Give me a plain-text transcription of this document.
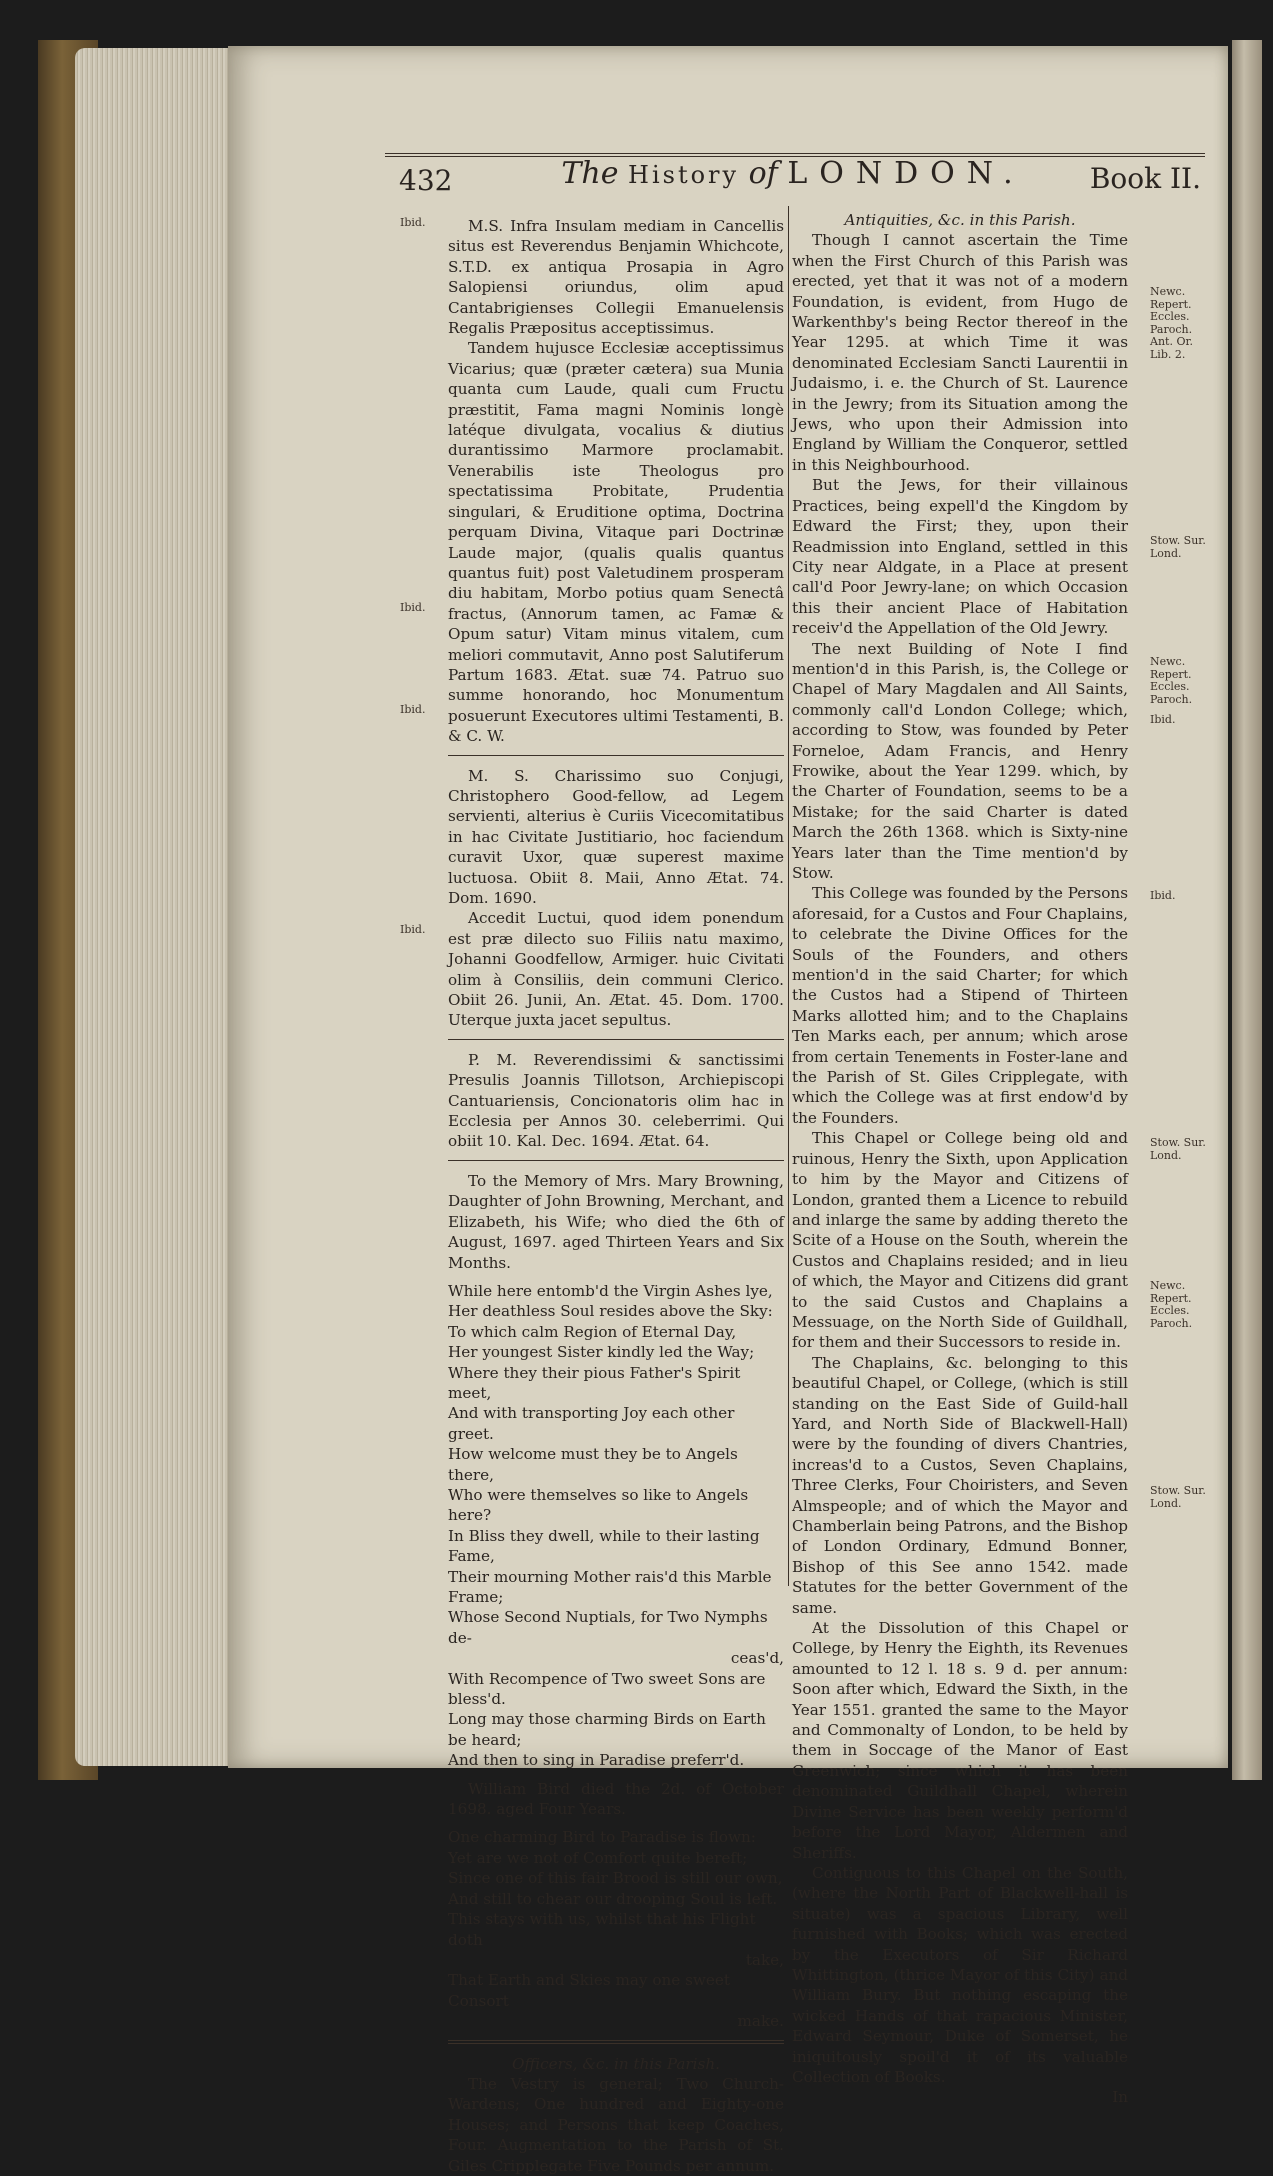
432	The History of LONDON.	Book II.
Ibid.
Ibid.
Ibid.
Ibid.

M.S. Infra Insulam mediam in Cancellis situs est Reverendus Benjamin Whichcote, S.T.D. ex antiqua Prosapia in Agro Salopiensi oriundus, olim apud Cantabrigienses Collegii Emanuelensis Regalis Præpositus acceptissimus.

Tandem hujusce Ecclesiæ acceptissimus Vicarius; quæ (præter cætera) sua Munia quanta cum Laude, quali cum Fructu præstitit, Fama magni Nominis longè latéque divulgata, vocalius & diutius durantissimo Marmore proclamabit. Venerabilis iste Theologus pro spectatissima Probitate, Prudentia singulari, & Eruditione optima, Doctrina perquam Divina, Vitaque pari Doctrinæ Laude major, (qualis qualis quantus quantus fuit) post Valetudinem prosperam diu habitam, Morbo potius quam Senectâ fractus, (Annorum tamen, ac Famæ & Opum satur) Vitam minus vitalem, cum meliori commutavit, Anno post Salutiferum Partum 1683. Ætat. suæ 74. Patruo suo summe honorando, hoc Monumentum posuerunt Executores ultimi Testamenti, B. & C. W.

M. S. Charissimo suo Conjugi, Christophero Good-fellow, ad Legem servienti, alterius è Curiis Vicecomitatibus in hac Civitate Justitiario, hoc faciendum curavit Uxor, quæ superest maxime luctuosa. Obiit 8. Maii, Anno Ætat. 74. Dom. 1690.

Accedit Luctui, quod idem ponendum est præ dilecto suo Filiis natu maximo, Johanni Goodfellow, Armiger. huic Civitati olim à Consiliis, dein communi Clerico. Obiit 26. Junii, An. Ætat. 45. Dom. 1700. Uterque juxta jacet sepultus.

P. M. Reverendissimi & sanctissimi Presulis Joannis Tillotson, Archiepiscopi Cantuariensis, Concionatoris olim hac in Ecclesia per Annos 30. celeberrimi. Qui obiit 10. Kal. Dec. 1694. Ætat. 64.

To the Memory of Mrs. Mary Browning, Daughter of John Browning, Merchant, and Elizabeth, his Wife; who died the 6th of August, 1697. aged Thirteen Years and Six Months.

While here entomb'd the Virgin Ashes lye,

Her deathless Soul resides above the Sky:

To which calm Region of Eternal Day,

Her youngest Sister kindly led the Way;

Where they their pious Father's Spirit meet,

And with transporting Joy each other greet.

How welcome must they be to Angels there,

Who were themselves so like to Angels here?

In Bliss they dwell, while to their lasting Fame,

Their mourning Mother rais'd this Marble Frame;

Whose Second Nuptials, for Two Nymphs de-

ceas'd,

With Recompence of Two sweet Sons are bless'd.

Long may those charming Birds on Earth be heard;

And then to sing in Paradise preferr'd.

William Bird died the 2d. of October 1698. aged Four Years.

One charming Bird to Paradise is flown:

Yet are we not of Comfort quite bereft;

Since one of this fair Brood is still our own,

And still to chear our drooping Soul is left.

This stays with us, whilst that his Flight doth

take,

That Earth and Skies may one sweet Consort

make.

Officers, &c. in this Parish.

The Vestry is general; Two Church-Wardens; One hundred and Eighty-one Houses; and Persons that keep Coaches, Four. Augmentation to the Parish of St. Giles Cripplegate Five Pounds per annum.

Antiquities, &c. in this Parish.

Though I cannot ascertain the Time when the First Church of this Parish was erected, yet that it was not of a modern Foundation, is evident, from Hugo de Warkenthby's being Rector thereof in the Year 1295. at which Time it was denominated Ecclesiam Sancti Laurentii in Judaismo, i. e. the Church of St. Laurence in the Jewry; from its Situation among the Jews, who upon their Admission into England by William the Conqueror, settled in this Neighbourhood.

But the Jews, for their villainous Practices, being expell'd the Kingdom by Edward the First; they, upon their Readmission into England, settled in this City near Aldgate, in a Place at present call'd Poor Jewry-lane; on which Occasion this their ancient Place of Habitation receiv'd the Appellation of the Old Jewry.

The next Building of Note I find mention'd in this Parish, is, the College or Chapel of Mary Magdalen and All Saints, commonly call'd London College; which, according to Stow, was founded by Peter Forneloe, Adam Francis, and Henry Frowike, about the Year 1299. which, by the Charter of Foundation, seems to be a Mistake; for the said Charter is dated March the 26th 1368. which is Sixty-nine Years later than the Time mention'd by Stow.

This College was founded by the Persons aforesaid, for a Custos and Four Chaplains, to celebrate the Divine Offices for the Souls of the Founders, and others mention'd in the said Charter; for which the Custos had a Stipend of Thirteen Marks allotted him; and to the Chaplains Ten Marks each, per annum; which arose from certain Tenements in Foster-lane and the Parish of St. Giles Cripplegate, with which the College was at first endow'd by the Founders.

This Chapel or College being old and ruinous, Henry the Sixth, upon Application to him by the Mayor and Citizens of London, granted them a Licence to rebuild and inlarge the same by adding thereto the Scite of a House on the South, wherein the Custos and Chaplains resided; and in lieu of which, the Mayor and Citizens did grant to the said Custos and Chaplains a Messuage, on the North Side of Guildhall, for them and their Successors to reside in.

The Chaplains, &c. belonging to this beautiful Chapel, or College, (which is still standing on the East Side of Guild-hall Yard, and North Side of Blackwell-Hall) were by the founding of divers Chantries, increas'd to a Custos, Seven Chaplains, Three Clerks, Four Choiristers, and Seven Almspeople; and of which the Mayor and Chamberlain being Patrons, and the Bishop of London Ordinary, Edmund Bonner, Bishop of this See anno 1542. made Statutes for the better Government of the same.

At the Dissolution of this Chapel or College, by Henry the Eighth, its Revenues amounted to 12 l. 18 s. 9 d. per annum: Soon after which, Edward the Sixth, in the Year 1551. granted the same to the Mayor and Commonalty of London, to be held by them in Soccage of the Manor of East Greenwich; since which it has been denominated Guildhall Chapel, wherein Divine Service has been weekly perform'd before the Lord Mayor, Aldermen and Sheriffs.

Contiguous to this Chapel on the South, (where the North Part of Blackwell-hall is situate) was a spacious Library, well furnished with Books; which was erected by the Executors of Sir Richard Whittington, (thrice Mayor of this City) and William Bury. But nothing escaping the wicked Hands of that rapacious Minister, Edward Seymour, Duke of Somerset, he iniquitously spoil'd it of its valuable Collection of Books.

In

Newc. Repert. Eccles. Paroch. Ant. Or. Lib. 2.
Stow. Sur. Lond.
Newc. Repert. Eccles. Paroch.
Ibid.
Ibid.
Stow. Sur. Lond.
Newc. Repert. Eccles. Paroch.
Stow. Sur. Lond.
